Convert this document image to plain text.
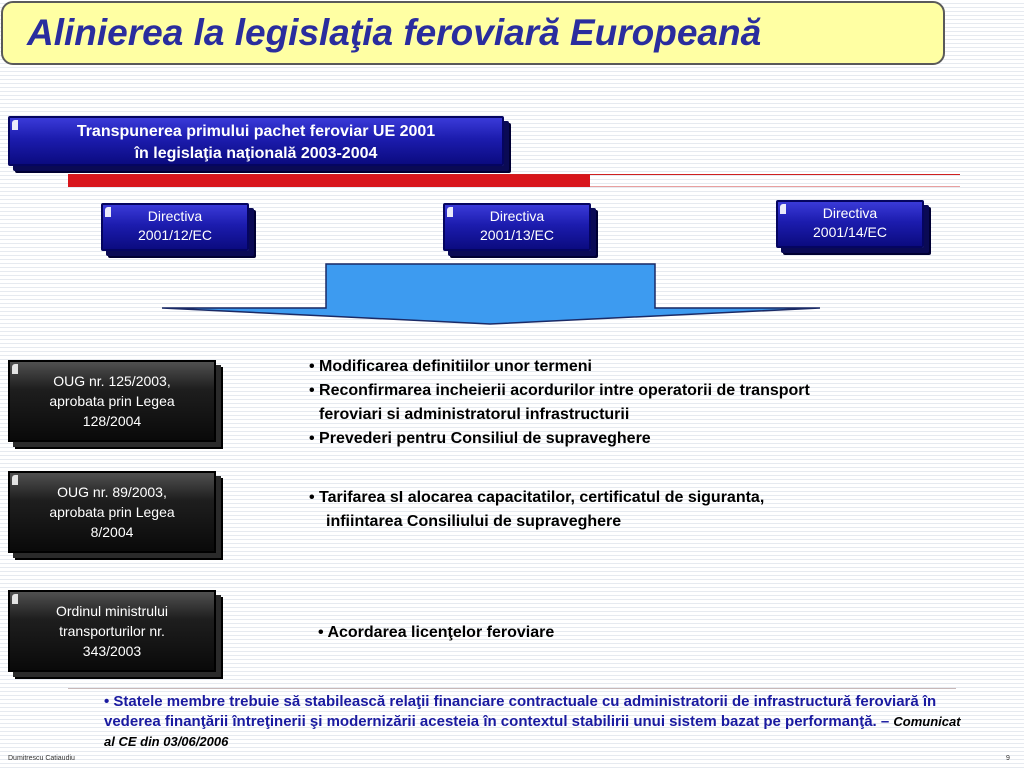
Alinierea la legislaţia feroviară Europeană
Transpunerea primului pachet feroviar UE 2001
în legislaţia naţională 2003-2004
Directiva
2001/12/EC
Directiva
2001/13/EC
Directiva
2001/14/EC
OUG nr. 125/2003,
aprobata prin Legea
128/2004
OUG nr. 89/2003,
aprobata prin Legea
8/2004
Ordinul ministrului
transporturilor nr.
343/2003
• Modificarea definitiilor unor termeni
• Reconfirmarea incheierii acordurilor intre operatorii de transport
feroviari si administratorul infrastructurii
• Prevederi pentru Consiliul de supraveghere
• Tarifarea sI alocarea capacitatilor, certificatul de siguranta,
infiintarea Consiliului de supraveghere
• Acordarea licenţelor feroviare
• Statele membre trebuie să stabilească relaţii financiare contractuale cu administratorii de infrastructură feroviară în vederea finanţării întreţinerii şi modernizării acesteia în contextul stabilirii unui sistem bazat pe performanţă. – Comunicat al CE din 03/06/2006
Dumitrescu Catiaudiu	9
